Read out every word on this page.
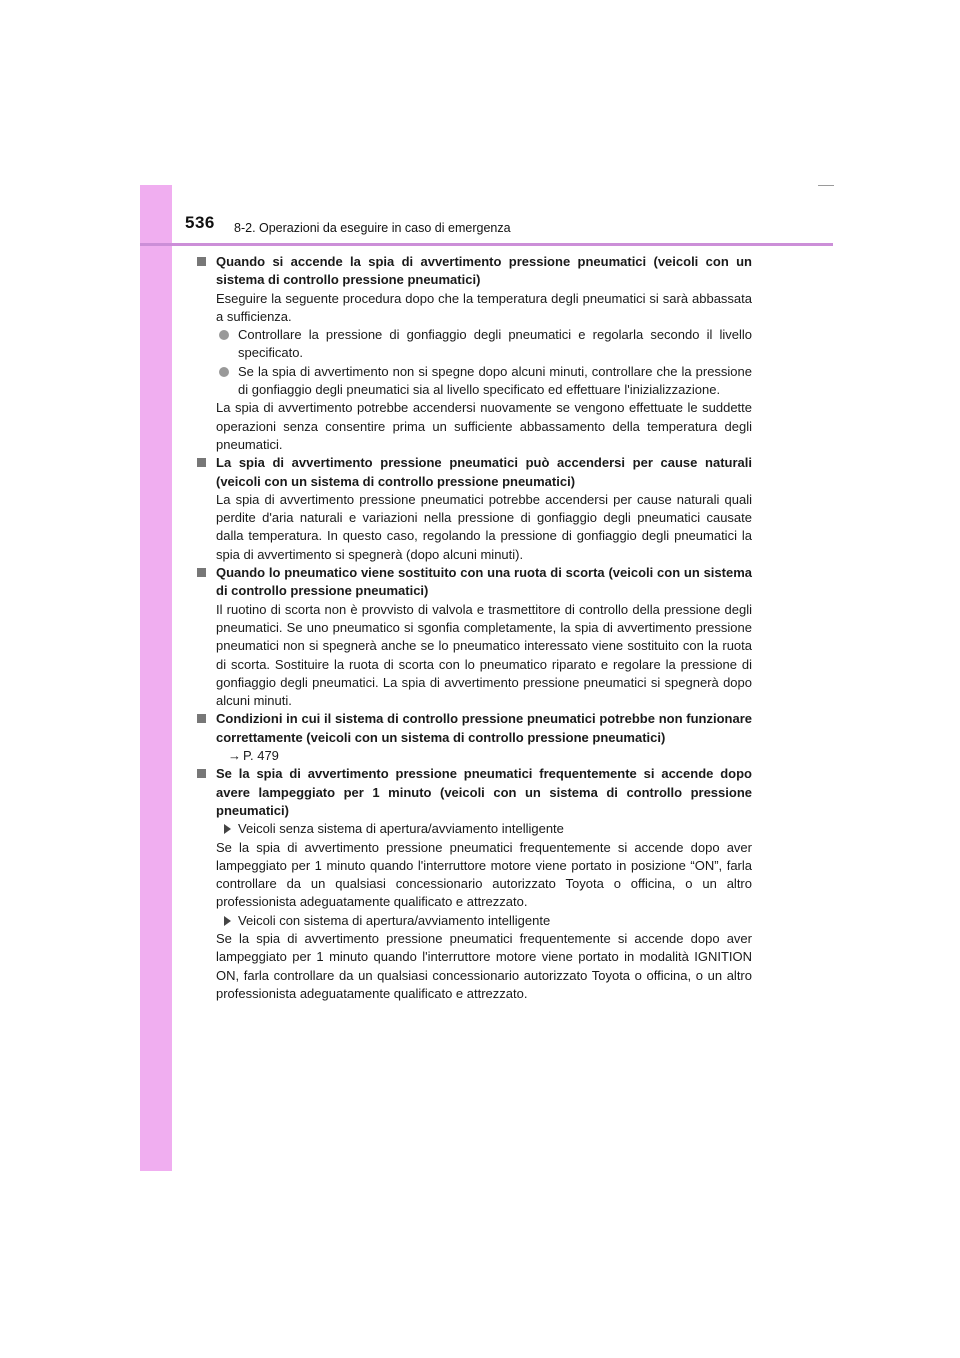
536 8-2. Operazioni da eseguire in caso di emergenza

Quando si accende la spia di avvertimento pressione pneumatici (veicoli con un sistema di controllo pressione pneumatici)

Eseguire la seguente procedura dopo che la temperatura degli pneumatici si sarà abbassata a sufficienza.

Controllare la pressione di gonfiaggio degli pneumatici e regolarla secondo il livello specificato.

Se la spia di avvertimento non si spegne dopo alcuni minuti, controllare che la pressione di gonfiaggio degli pneumatici sia al livello specificato ed effettuare l'inizializzazione.

La spia di avvertimento potrebbe accendersi nuovamente se vengono effettuate le suddette operazioni senza consentire prima un sufficiente abbassamento della temperatura degli pneumatici.

La spia di avvertimento pressione pneumatici può accendersi per cause naturali (veicoli con un sistema di controllo pressione pneumatici)

La spia di avvertimento pressione pneumatici potrebbe accendersi per cause naturali quali perdite d'aria naturali e variazioni nella pressione di gonfiaggio degli pneumatici causate dalla temperatura. In questo caso, regolando la pressione di gonfiaggio degli pneumatici la spia di avvertimento si spegnerà (dopo alcuni minuti).

Quando lo pneumatico viene sostituito con una ruota di scorta (veicoli con un sistema di controllo pressione pneumatici)

Il ruotino di scorta non è provvisto di valvola e trasmettitore di controllo della pressione degli pneumatici. Se uno pneumatico si sgonfia completamente, la spia di avvertimento pressione pneumatici non si spegnerà anche se lo pneumatico interessato viene sostituito con la ruota di scorta. Sostituire la ruota di scorta con lo pneumatico riparato e regolare la pressione di gonfiaggio degli pneumatici. La spia di avvertimento pressione pneumatici si spegnerà dopo alcuni minuti.

Condizioni in cui il sistema di controllo pressione pneumatici potrebbe non funzionare correttamente (veicoli con un sistema di controllo pressione pneumatici)

→ P. 479

Se la spia di avvertimento pressione pneumatici frequentemente si accende dopo avere lampeggiato per 1 minuto (veicoli con un sistema di controllo pressione pneumatici)

Veicoli senza sistema di apertura/avviamento intelligente

Se la spia di avvertimento pressione pneumatici frequentemente si accende dopo aver lampeggiato per 1 minuto quando l'interruttore motore viene portato in posizione “ON”, farla controllare da un qualsiasi concessionario autorizzato Toyota o officina, o un altro professionista adeguatamente qualificato e attrezzato.

Veicoli con sistema di apertura/avviamento intelligente

Se la spia di avvertimento pressione pneumatici frequentemente si accende dopo aver lampeggiato per 1 minuto quando l'interruttore motore viene portato in modalità IGNITION ON, farla controllare da un qualsiasi concessionario autorizzato Toyota o officina, o un altro professionista adeguatamente qualificato e attrezzato.
